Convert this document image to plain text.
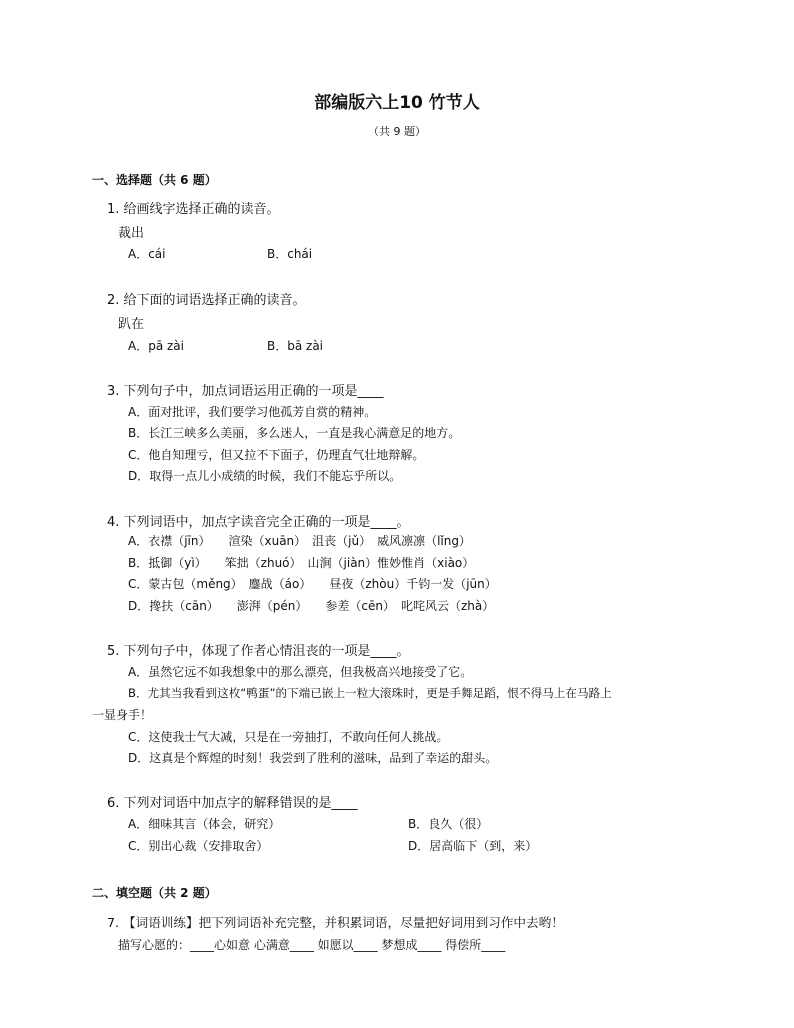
部编版六上10 竹节人
（共 9 题）
一、选择题（共 6 题）
1. 给画线字选择正确的读音。
裁出
A．cái	B．chái
2. 给下面的词语选择正确的读音。
趴在
A．pā zài	B．bā zài
3. 下列句子中，加点词语运用正确的一项是____
A．面对批评，我们要学习他孤芳自赏的精神。
B．长江三峡多么美丽，多么迷人，一直是我心满意足的地方。
C．他自知理亏，但又拉不下面子，仍理直气壮地辩解。
D．取得一点儿小成绩的时候，我们不能忘乎所以。
4. 下列词语中，加点字读音完全正确的一项是____。
A．衣襟（jīn）　　渲染（xuān）　沮丧（jǔ）　威风凛凛（lǐng）
B．抵御（yì）　　笨拙（zhuó）　山涧（jiàn）惟妙惟肖（xiào）
C．蒙古包（měng）　鏖战（áo）　　昼夜（zhòu）千钧一发（jūn）
D．搀扶（cān）　　澎湃（pén）　　参差（cēn）　叱咤风云（zhà）
5. 下列句子中，体现了作者心情沮丧的一项是____。
A．虽然它远不如我想象中的那么漂亮，但我极高兴地接受了它。
B．尤其当我看到这枚“鸭蛋”的下端已嵌上一粒大滚珠时，更是手舞足蹈，恨不得马上在马路上
一显身手！
C．这使我士气大减，只是在一旁抽打，不敢向任何人挑战。
D．这真是个辉煌的时刻！我尝到了胜利的滋味，品到了幸运的甜头。
6. 下列对词语中加点字的解释错误的是____
A．细味其言（体会，研究）	B．良久（很）
C．别出心裁（安排取舍）	D．居高临下（到，来）
二、填空题（共 2 题）
7. 【词语训练】把下列词语补充完整，并积累词语，尽量把好词用到习作中去哟！
描写心愿的：____心如意 心满意____ 如愿以____ 梦想成____ 得偿所____
